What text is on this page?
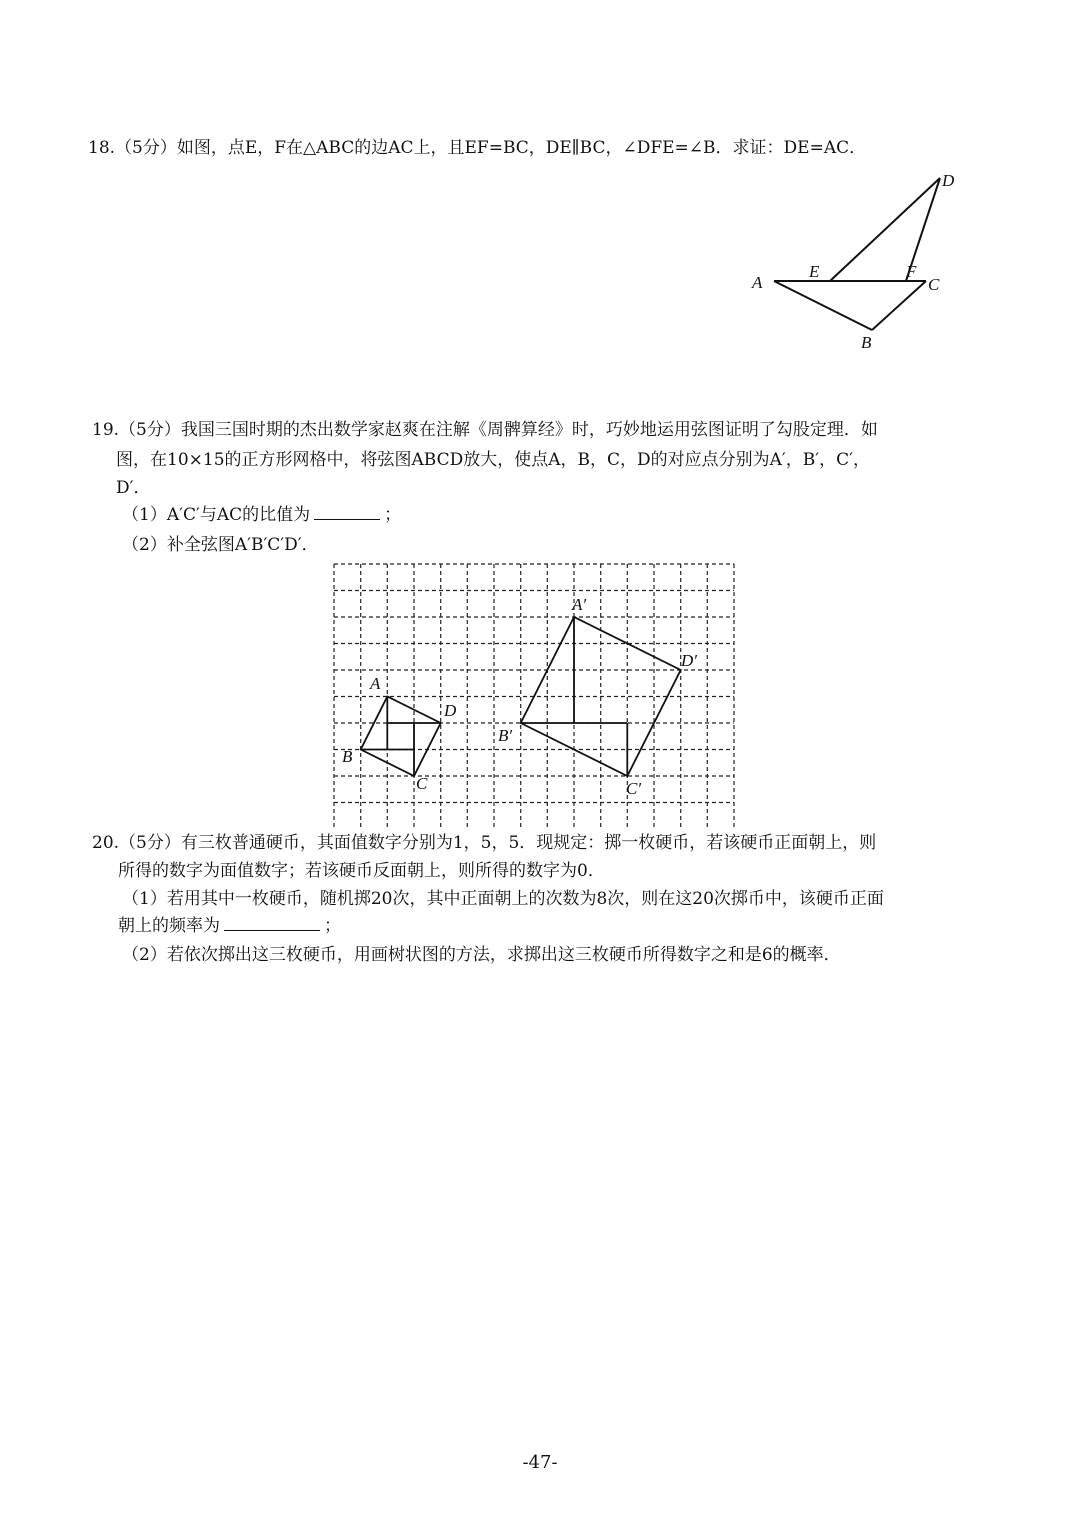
18.（5分）如图，点E，F在△ABC的边AC上，且EF=BC，DE∥BC，∠DFE=∠B．求证：DE=AC．
A
E	F
C
B
D
19.（5分）我国三国时期的杰出数学家赵爽在注解《周髀算经》时，巧妙地运用弦图证明了勾股定理．如
图，在10×15的正方形网格中，将弦图ABCD放大，使点A，B，C，D的对应点分别为A′，B′，C′，
D′．
（1）A′C′与AC的比值为	；
（2）补全弦图A′B′C′D′．
A
B
C
D
A′
B′
C′
D′
20.（5分）有三枚普通硬币，其面值数字分别为1，5，5．现规定：掷一枚硬币，若该硬币正面朝上，则
所得的数字为面值数字；若该硬币反面朝上，则所得的数字为0．
（1）若用其中一枚硬币，随机掷20次，其中正面朝上的次数为8次，则在这20次掷币中，该硬币正面
朝上的频率为	；
（2）若依次掷出这三枚硬币，用画树状图的方法，求掷出这三枚硬币所得数字之和是6的概率．
-47-
